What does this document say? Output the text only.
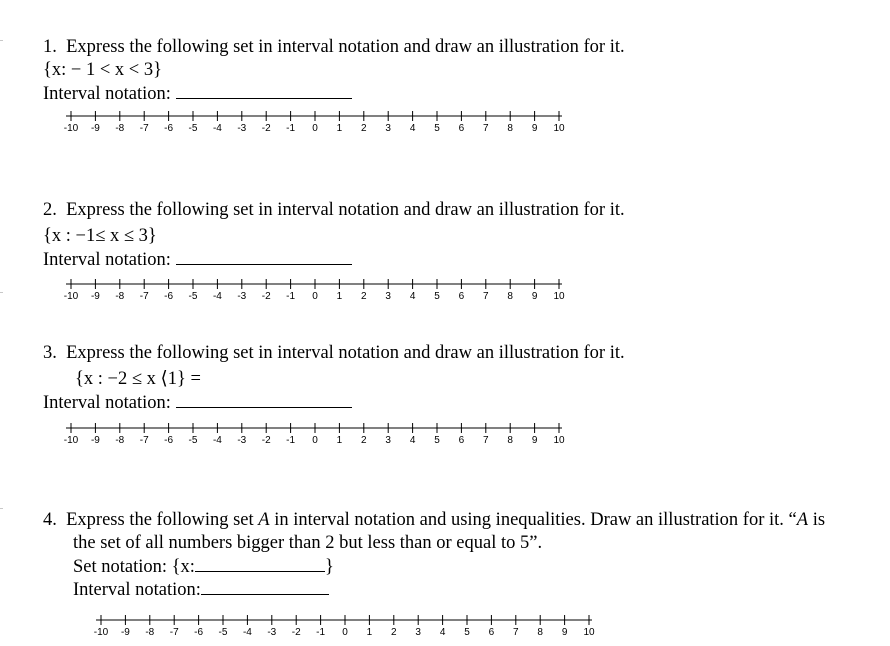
1. Express the following set in interval notation and draw an illustration for it.
{x: − 1 < x < 3}
Interval notation:
-10 -9 -8 -7 -6 -5 -4 -3 -2 -1 0 1 2 3 4 5 6 7 8 9 10
2. Express the following set in interval notation and draw an illustration for it.
{x : −1≤ x ≤ 3}
Interval notation:
-10 -9 -8 -7 -6 -5 -4 -3 -2 -1 0 1 2 3 4 5 6 7 8 9 10
3. Express the following set in interval notation and draw an illustration for it.
{x : −2 ≤ x ⟨1} =
Interval notation:
-10 -9 -8 -7 -6 -5 -4 -3 -2 -1 0 1 2 3 4 5 6 7 8 9 10
4. Express the following set A in interval notation and using inequalities. Draw an illustration for it. “A is
the set of all numbers bigger than 2 but less than or equal to 5”.
Set notation: {x:	}
Interval notation:
-10 -9 -8 -7 -6 -5 -4 -3 -2 -1 0 1 2 3 4 5 6 7 8 9 10
